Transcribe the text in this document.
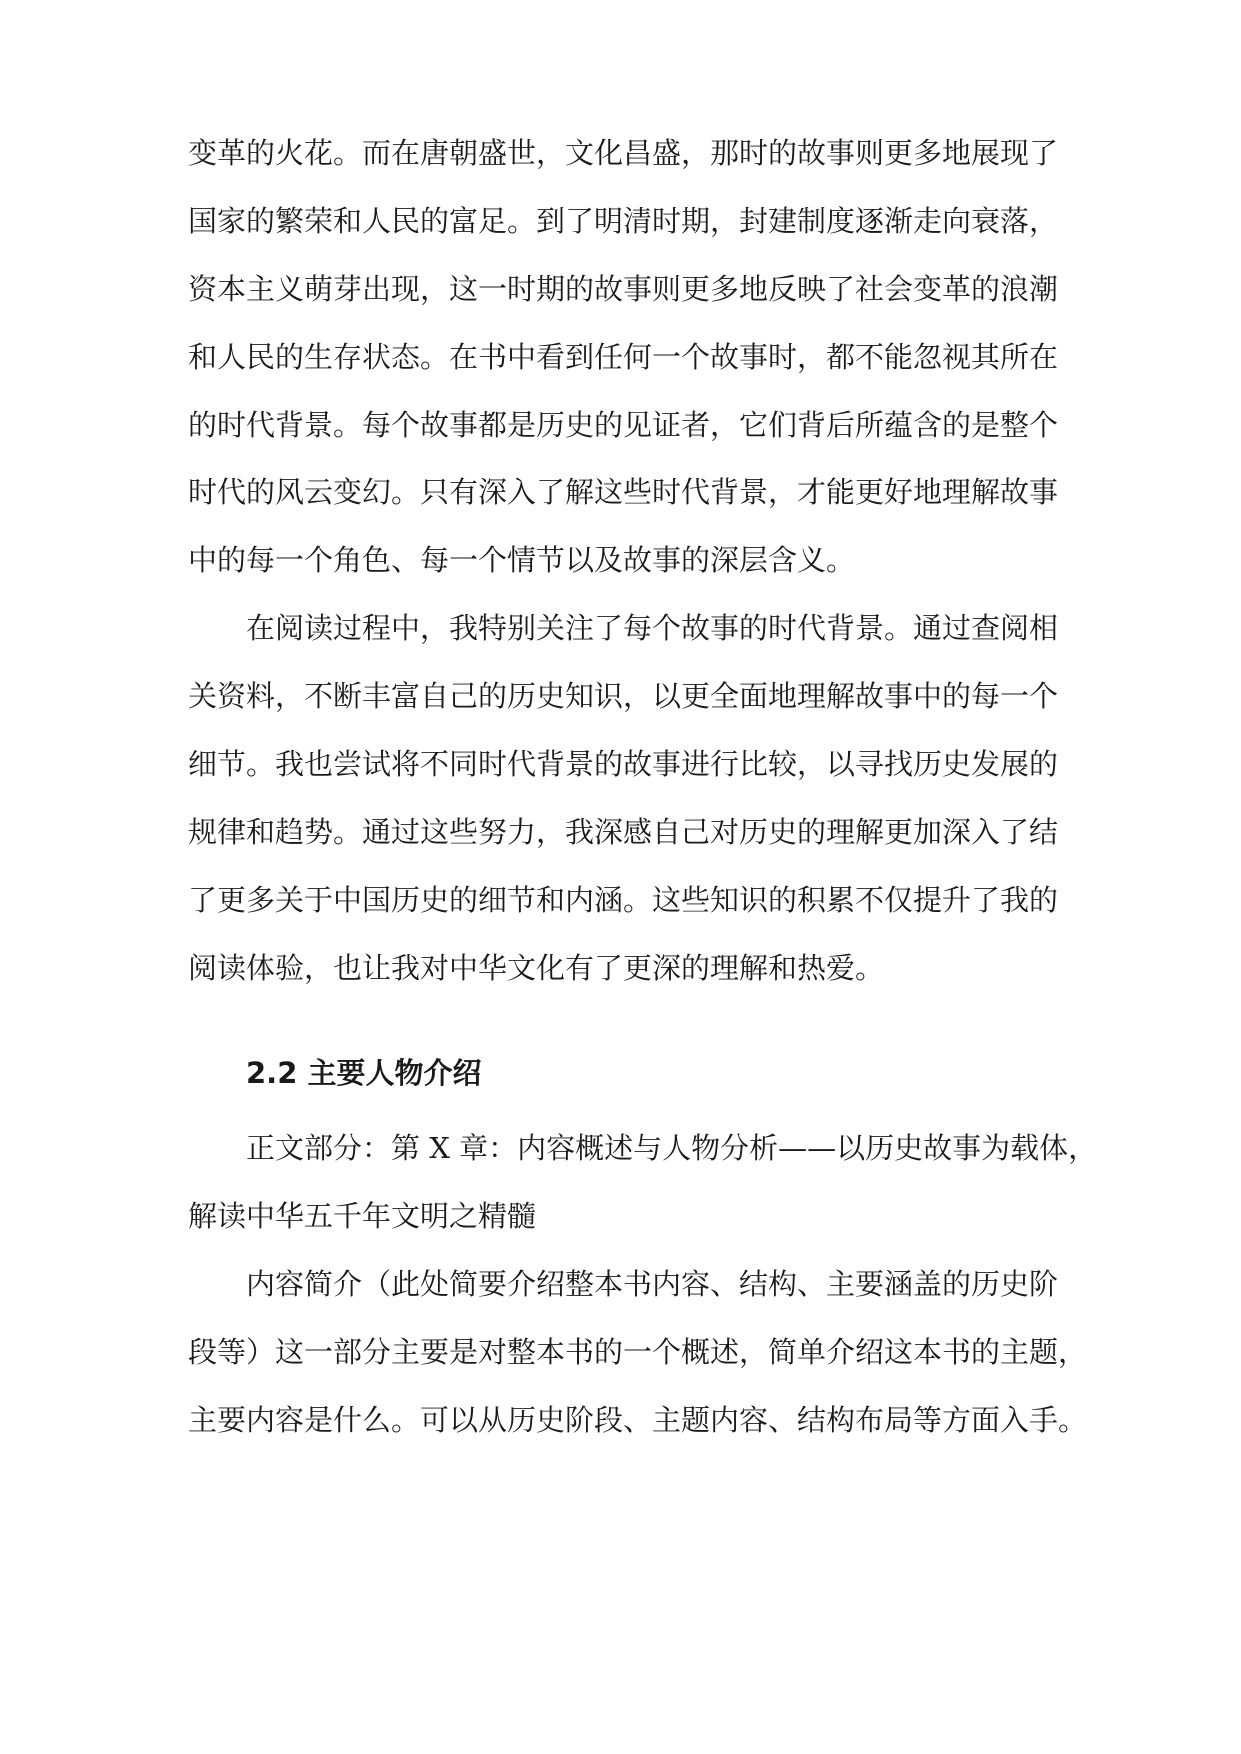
变革的火花。而在唐朝盛世，文化昌盛，那时的故事则更多地展现了
国家的繁荣和人民的富足。到了明清时期，封建制度逐渐走向衰落，
资本主义萌芽出现，这一时期的故事则更多地反映了社会变革的浪潮
和人民的生存状态。在书中看到任何一个故事时，都不能忽视其所在
的时代背景。每个故事都是历史的见证者，它们背后所蕴含的是整个
时代的风云变幻。只有深入了解这些时代背景，才能更好地理解故事
中的每一个角色、每一个情节以及故事的深层含义。
在阅读过程中，我特别关注了每个故事的时代背景。通过查阅相
关资料，不断丰富自己的历史知识，以更全面地理解故事中的每一个
细节。我也尝试将不同时代背景的故事进行比较，以寻找历史发展的
规律和趋势。通过这些努力，我深感自己对历史的理解更加深入了结
了更多关于中国历史的细节和内涵。这些知识的积累不仅提升了我的
阅读体验，也让我对中华文化有了更深的理解和热爱。
2.2 主要人物介绍
正文部分：第 X 章：内容概述与人物分析——以历史故事为载体，
解读中华五千年文明之精髓
内容简介（此处简要介绍整本书内容、结构、主要涵盖的历史阶
段等）这一部分主要是对整本书的一个概述，简单介绍这本书的主题，
主要内容是什么。可以从历史阶段、主题内容、结构布局等方面入手。
